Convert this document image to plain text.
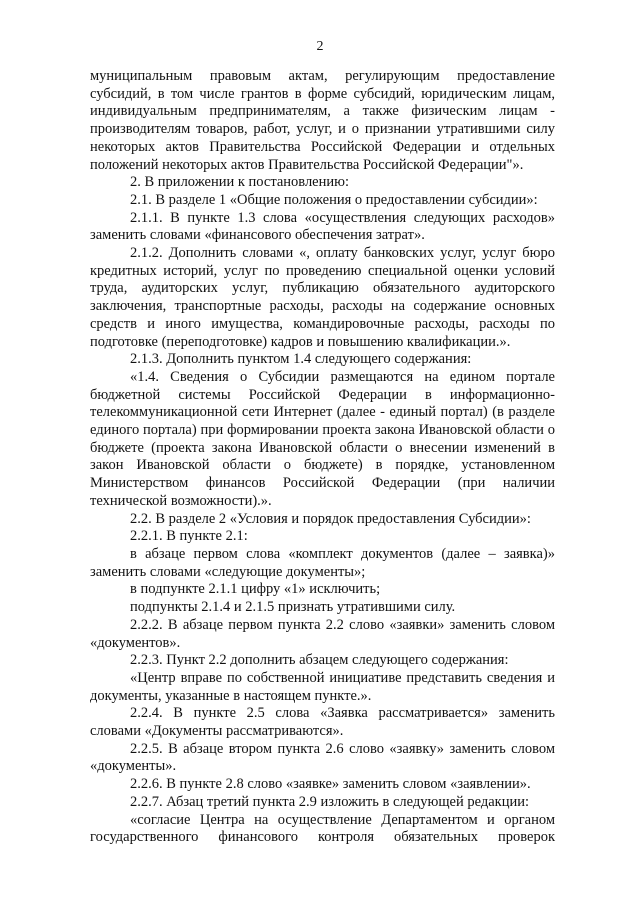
2

муниципальным правовым актам, регулирующим предоставление субсидий, в том числе грантов в форме субсидий, юридическим лицам, индивидуальным предпринимателям, а также физическим лицам - производителям товаров, работ, услуг, и о признании утратившими силу некоторых актов Правительства Российской Федерации и отдельных положений некоторых актов Правительства Российской Федерации"».

2. В приложении к постановлению:

2.1. В разделе 1 «Общие положения о предоставлении субсидии»:

2.1.1. В пункте 1.3 слова «осуществления следующих расходов» заменить словами «финансового обеспечения затрат».

2.1.2. Дополнить словами «, оплату банковских услуг, услуг бюро кредитных историй, услуг по проведению специальной оценки условий труда, аудиторских услуг, публикацию обязательного аудиторского заключения, транспортные расходы, расходы на содержание основных средств и иного имущества, командировочные расходы, расходы по подготовке (переподготовке) кадров и повышению квалификации.».

2.1.3. Дополнить пунктом 1.4 следующего содержания:

«1.4. Сведения о Субсидии размещаются на едином портале бюджетной системы Российской Федерации в информационно-телекоммуникационной сети Интернет (далее - единый портал) (в разделе единого портала) при формировании проекта закона Ивановской области о бюджете (проекта закона Ивановской области о внесении изменений в закон Ивановской области о бюджете) в порядке, установленном Министерством финансов Российской Федерации (при наличии технической возможности).».

2.2. В разделе 2 «Условия и порядок предоставления Субсидии»:

2.2.1. В пункте 2.1:

в абзаце первом слова «комплект документов (далее – заявка)» заменить словами «следующие документы»;

в подпункте 2.1.1 цифру «1» исключить;

подпункты 2.1.4 и 2.1.5 признать утратившими силу.

2.2.2. В абзаце первом пункта 2.2 слово «заявки» заменить словом «документов».

2.2.3. Пункт 2.2 дополнить абзацем следующего содержания:

«Центр вправе по собственной инициативе представить сведения и документы, указанные в настоящем пункте.».

2.2.4. В пункте 2.5 слова «Заявка рассматривается» заменить словами «Документы рассматриваются».

2.2.5. В абзаце втором пункта 2.6 слово «заявку» заменить словом «документы».

2.2.6. В пункте 2.8 слово «заявке» заменить словом «заявлении».

2.2.7. Абзац третий пункта 2.9 изложить в следующей редакции:

«согласие Центра на осуществление Департаментом и органом государственного финансового контроля обязательных проверок
